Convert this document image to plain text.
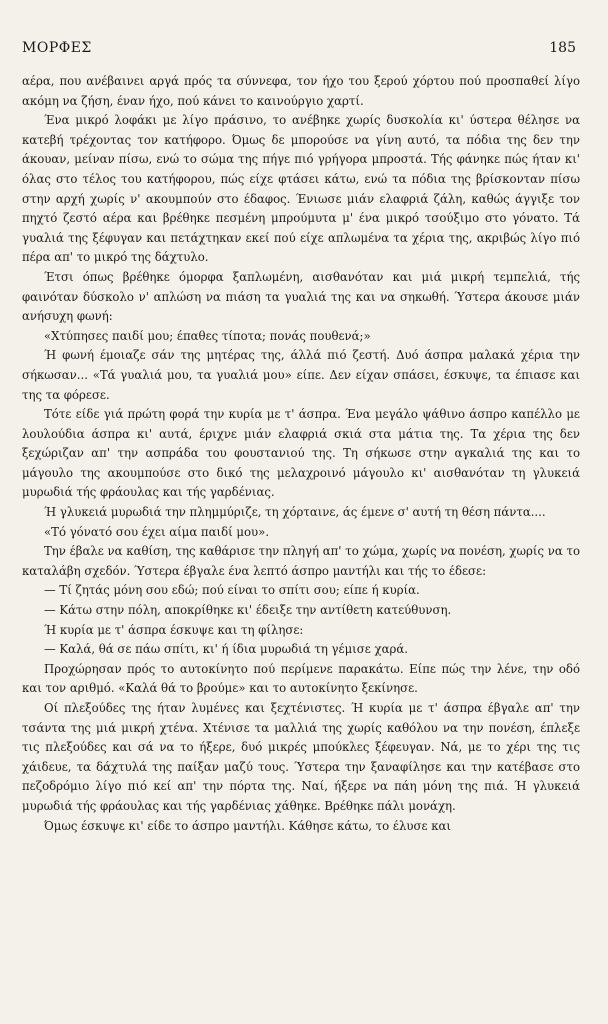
ΜΟΡΦΕΣ	185

αέρα, που ανέβαινει αργά πρός τα σύννεφα, τον ήχο του ξερού χόρτου πού προσπαθεί λίγο ακόμη να ζήση, έναν ήχο, πού κάνει το καινούργιο χαρτί.

Ένα μικρό λοφάκι με λίγο πράσινο, το ανέβηκε χωρίς δυσκολία κι' ύστερα θέλησε να κατεβή τρέχοντας τον κατήφορο. Όμως δε μπορούσε να γίνη αυτό, τα πόδια της δεν την άκουαν, μείναν πίσω, ενώ το σώμα της πήγε πιό γρήγορα μπροστά. Τής φάνηκε πώς ήταν κι' όλας στο τέλος του κατήφορου, πώς είχε φτάσει κάτω, ενώ τα πόδια της βρίσκονταν πίσω στην αρχή χωρίς ν' ακουμπούν στο έδαφος. Ένιωσε μιάν ελαφριά ζάλη, καθώς άγγιξε τον πηχτό ζεστό αέρα και βρέθηκε πεσμένη μπρούμυτα μ' ένα μικρό τσούξιμο στο γόνατο. Τά γυαλιά της ξέφυγαν και πετάχτηκαν εκεί πού είχε απλωμένα τα χέρια της, ακριβώς λίγο πιό πέρα απ' το μικρό της δάχτυλο.

Έτσι όπως βρέθηκε όμορφα ξαπλωμένη, αισθανόταν και μιά μικρή τεμπελιά, τής φαινόταν δύσκολο ν' απλώση να πιάση τα γυαλιά της και να σηκωθή. Ύστερα άκουσε μιάν ανήσυχη φωνή:

«Χτύπησες παιδί μου; έπαθες τίποτα; πονάς πουθενά;»

Ή φωνή έμοιαζε σάν της μητέρας της, άλλά πιό ζεστή. Δυό άσπρα μαλακά χέρια την σήκωσαν... «Τά γυαλιά μου, τα γυαλιά μου» είπε. Δεν είχαν σπάσει, έσκυψε, τα έπιασε και της τα φόρεσε.

Τότε είδε γιά πρώτη φορά την κυρία με τ' άσπρα. Ένα μεγάλο ψάθινο άσπρο καπέλλο με λουλούδια άσπρα κι' αυτά, έριχνε μιάν ελαφριά σκιά στα μάτια της. Τα χέρια της δεν ξεχώριζαν απ' την ασπράδα του φουστανιού της. Τη σήκωσε στην αγκαλιά της και το μάγουλο της ακουμπούσε στο δικό της μελαχροινό μάγουλο κι' αισθανόταν τη γλυκειά μυρωδιά τής φράουλας και τής γαρδένιας.

Ή γλυκειά μυρωδιά την πλημμύριζε, τη χόρταινε, άς έμενε σ' αυτή τη θέση πάντα....

«Τό γόνατό σου έχει αίμα παιδί μου».

Την έβαλε να καθίση, της καθάρισε την πληγή απ' το χώμα, χωρίς να πονέση, χωρίς να το καταλάβη σχεδόν. Ύστερα έβγαλε ένα λεπτό άσπρο μαντήλι και τής το έδεσε:

— Τί ζητάς μόνη σου εδώ; πού είναι το σπίτι σου; είπε ή κυρία.

— Κάτω στην πόλη, αποκρίθηκε κι' έδειξε την αντίθετη κατεύθυνση.

Ή κυρία με τ' άσπρα έσκυψε και τη φίλησε:

— Καλά, θά σε πάω σπίτι, κι' ή ίδια μυρωδιά τη γέμισε χαρά.

Προχώρησαν πρός το αυτοκίνητο πού περίμενε παρακάτω. Είπε πώς την λένε, την οδό και τον αριθμό. «Καλά θά το βρούμε» και το αυτοκίνητο ξεκίνησε.

Οί πλεξούδες της ήταν λυμένες και ξεχτένιστες. Ή κυρία με τ' άσπρα έβγαλε απ' την τσάντα της μιά μικρή χτένα. Χτένισε τα μαλλιά της χωρίς καθόλου να την πονέση, έπλεξε τις πλεξούδες και σά να το ήξερε, δυό μικρές μπούκλες ξέφευγαν. Νά, με το χέρι της τις χάιδευε, τα δάχτυλά της παίξαν μαζύ τους. Ύστερα την ξαναφίλησε και την κατέβασε στο πεζοδρόμιο λίγο πιό κεί απ' την πόρτα της. Ναί, ήξερε να πάη μόνη της πιά. Ή γλυκειά μυρωδιά τής φράουλας και τής γαρδένιας χάθηκε. Βρέθηκε πάλι μονάχη.

Όμως έσκυψε κι' είδε το άσπρο μαντήλι. Κάθησε κάτω, το έλυσε και
